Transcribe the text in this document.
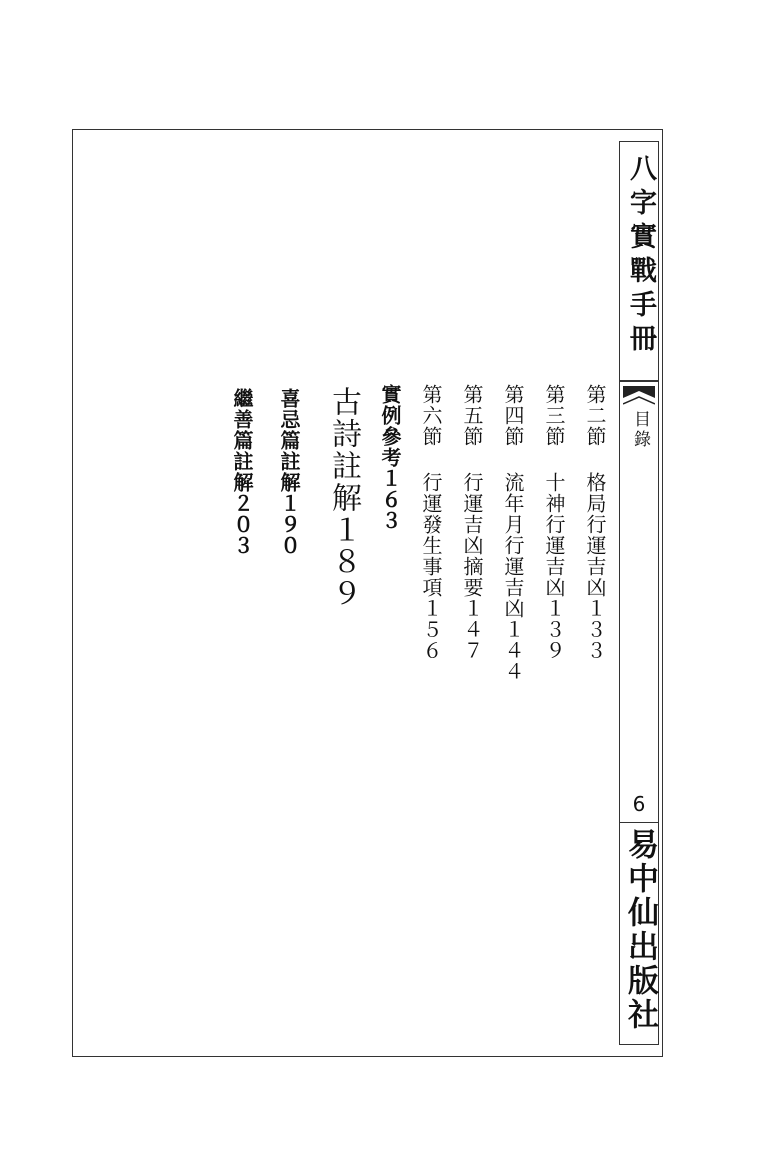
八字實戰手冊
目錄
6
易中仙出版社
第二節 格局行運吉凶１３３
第三節 十神行運吉凶１３９
第四節 流年月行運吉凶１４４
第五節 行運吉凶摘要１４７
第六節 行運發生事項１５６
實例參考１６３
古詩註解１８９
喜忌篇註解１９０
繼善篇註解２０３
